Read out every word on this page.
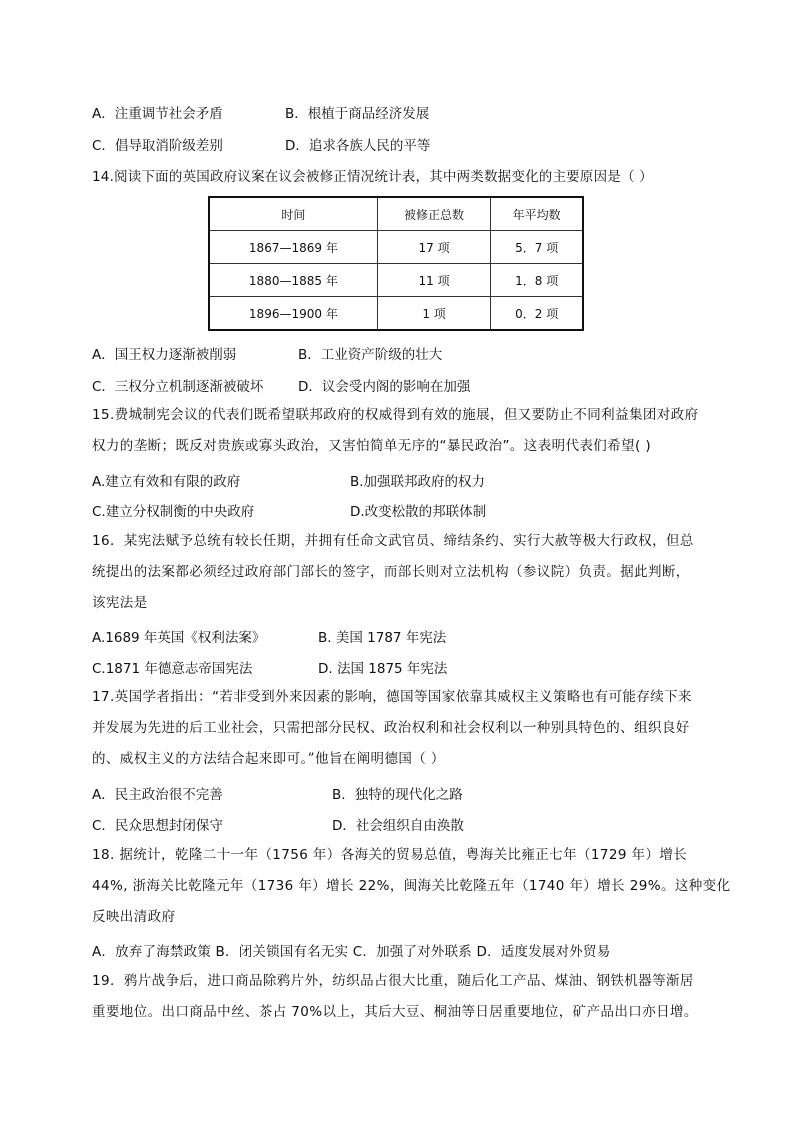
A．注重调节社会矛盾	B．根植于商品经济发展
C．倡导取消阶级差别	D．追求各族人民的平等
14.阅读下面的英国政府议案在议会被修正情况统计表，其中两类数据变化的主要原因是（ ）
时间	被修正总数	年平均数
1867—1869 年	17 项	5．7 项
1880—1885 年	11 项	1．8 项
1896—1900 年	1 项	0．2 项
A．国王权力逐渐被削弱	B．工业资产阶级的壮大
C．三权分立机制逐渐被破坏	D．议会受内阁的影响在加强
15.费城制宪会议的代表们既希望联邦政府的权威得到有效的施展，但又要防止不同利益集团对政府
权力的垄断；既反对贵族或寡头政治，又害怕简单无序的“暴民政治”。这表明代表们希望( )
A.建立有效和有限的政府	B.加强联邦政府的权力
C.建立分权制衡的中央政府	D.改变松散的邦联体制
16．某宪法赋予总统有较长任期，并拥有任命文武官员、缔结条约、实行大赦等极大行政权，但总
统提出的法案都必须经过政府部门部长的签字，而部长则对立法机构（参议院）负责。据此判断，
该宪法是
A.1689 年英国《权利法案》	B. 美国 1787 年宪法
C.1871 年德意志帝国宪法	D. 法国 1875 年宪法
17.英国学者指出：“若非受到外来因素的影响，德国等国家依靠其威权主义策略也有可能存续下来
并发展为先进的后工业社会，只需把部分民权、政治权利和社会权利以一种别具特色的、组织良好
的、威权主义的方法结合起来即可。”他旨在阐明德国（ ）
A．民主政治很不完善	B．独特的现代化之路
C．民众思想封闭保守	D．社会组织自由涣散
18. 据统计，乾隆二十一年（1756 年）各海关的贸易总值，粤海关比雍正七年（1729 年）增长
44%, 浙海关比乾隆元年（1736 年）增长 22%，闽海关比乾隆五年（1740 年）增长 29%。这种变化
反映出清政府
A．放弃了海禁政策 B．闭关锁国有名无实 C．加强了对外联系 D．适度发展对外贸易
19．鸦片战争后，进口商品除鸦片外，纺织品占很大比重，随后化工产品、煤油、钢铁机器等渐居
重要地位。出口商品中丝、茶占 70%以上，其后大豆、桐油等日居重要地位，矿产品出口亦日增。
